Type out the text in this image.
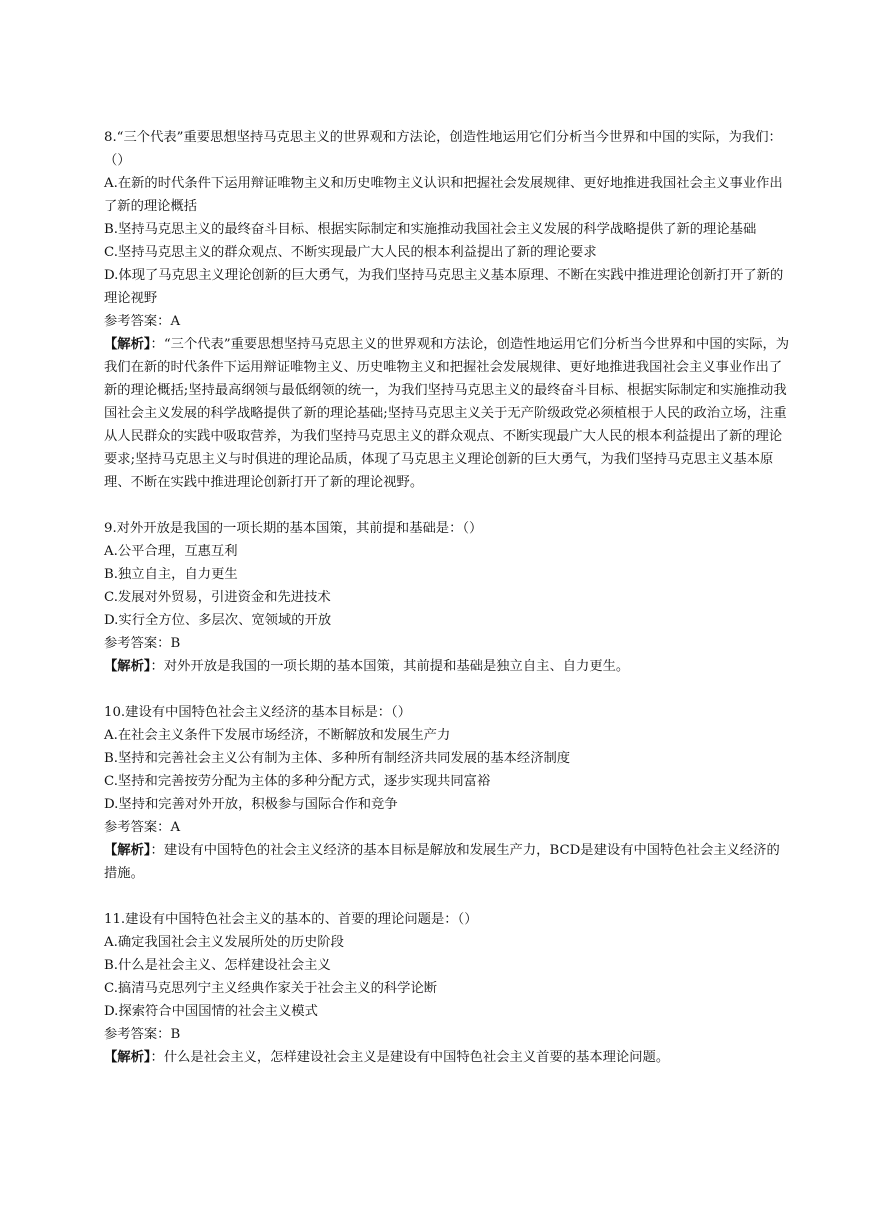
8.“三个代表”重要思想坚持马克思主义的世界观和方法论，创造性地运用它们分析当今世界和中国的实际，为我们：（）
A.在新的时代条件下运用辩证唯物主义和历史唯物主义认识和把握社会发展规律、更好地推进我国社会主义事业作出了新的理论概括
B.坚持马克思主义的最终奋斗目标、根据实际制定和实施推动我国社会主义发展的科学战略提供了新的理论基础
C.坚持马克思主义的群众观点、不断实现最广大人民的根本利益提出了新的理论要求
D.体现了马克思主义理论创新的巨大勇气，为我们坚持马克思主义基本原理、不断在实践中推进理论创新打开了新的理论视野
参考答案：A
【解析】：“三个代表”重要思想坚持马克思主义的世界观和方法论，创造性地运用它们分析当今世界和中国的实际，为我们在新的时代条件下运用辩证唯物主义、历史唯物主义和把握社会发展规律、更好地推进我国社会主义事业作出了新的理论概括;坚持最高纲领与最低纲领的统一，为我们坚持马克思主义的最终奋斗目标、根据实际制定和实施推动我国社会主义发展的科学战略提供了新的理论基础;坚持马克思主义关于无产阶级政党必须植根于人民的政治立场，注重从人民群众的实践中吸取营养，为我们坚持马克思主义的群众观点、不断实现最广大人民的根本利益提出了新的理论要求;坚持马克思主义与时俱进的理论品质，体现了马克思主义理论创新的巨大勇气，为我们坚持马克思主义基本原理、不断在实践中推进理论创新打开了新的理论视野。
9.对外开放是我国的一项长期的基本国策，其前提和基础是：（）
A.公平合理，互惠互利
B.独立自主，自力更生
C.发展对外贸易，引进资金和先进技术
D.实行全方位、多层次、宽领域的开放
参考答案：B
【解析】：对外开放是我国的一项长期的基本国策，其前提和基础是独立自主、自力更生。
10.建设有中国特色社会主义经济的基本目标是：（）
A.在社会主义条件下发展市场经济，不断解放和发展生产力
B.坚持和完善社会主义公有制为主体、多种所有制经济共同发展的基本经济制度
C.坚持和完善按劳分配为主体的多种分配方式，逐步实现共同富裕
D.坚持和完善对外开放，积极参与国际合作和竞争
参考答案：A
【解析】：建设有中国特色的社会主义经济的基本目标是解放和发展生产力，BCD是建设有中国特色社会主义经济的措施。
11.建设有中国特色社会主义的基本的、首要的理论问题是：（）
A.确定我国社会主义发展所处的历史阶段
B.什么是社会主义、怎样建设社会主义
C.搞清马克思列宁主义经典作家关于社会主义的科学论断
D.探索符合中国国情的社会主义模式
参考答案：B
【解析】：什么是社会主义，怎样建设社会主义是建设有中国特色社会主义首要的基本理论问题。
